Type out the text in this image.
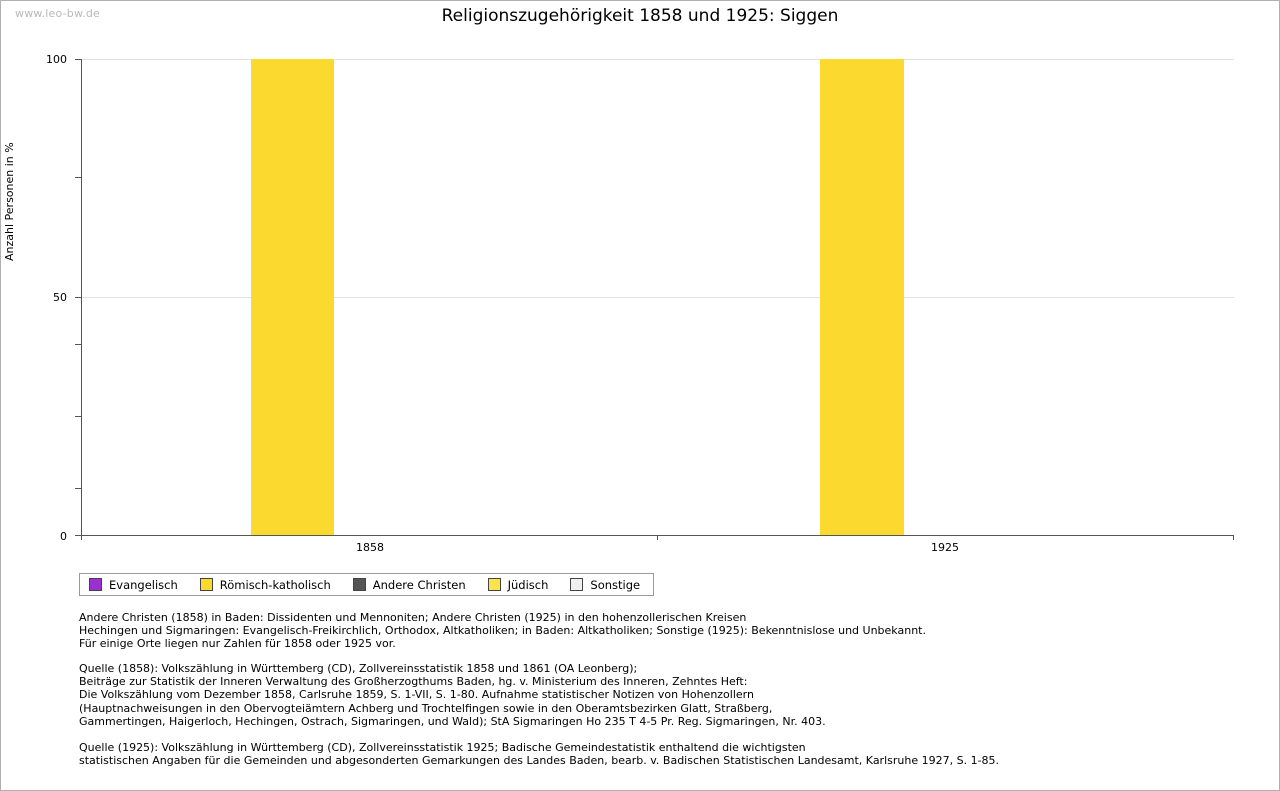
www.leo-bw.de	Religionszugehörigkeit 1858 und 1925: Siggen
Anzahl Personen in %
100
50
0
1858	1925
Evangelisch	Römisch-katholisch	Andere Christen	Jüdisch	Sonstige
Andere Christen (1858) in Baden: Dissidenten und Mennoniten; Andere Christen (1925) in den hohenzollerischen Kreisen
Hechingen und Sigmaringen: Evangelisch-Freikirchlich, Orthodox, Altkatholiken; in Baden: Altkatholiken; Sonstige (1925): Bekenntnislose und Unbekannt.
Für einige Orte liegen nur Zahlen für 1858 oder 1925 vor.
Quelle (1858): Volkszählung in Württemberg (CD), Zollvereinsstatistik 1858 und 1861 (OA Leonberg);
Beiträge zur Statistik der Inneren Verwaltung des Großherzogthums Baden, hg. v. Ministerium des Inneren, Zehntes Heft:
Die Volkszählung vom Dezember 1858, Carlsruhe 1859, S. 1-VII, S. 1-80. Aufnahme statistischer Notizen von Hohenzollern
(Hauptnachweisungen in den Obervogteiämtern Achberg und Trochtelfingen sowie in den Oberamtsbezirken Glatt, Straßberg,
Gammertingen, Haigerloch, Hechingen, Ostrach, Sigmaringen, und Wald); StA Sigmaringen Ho 235 T 4-5 Pr. Reg. Sigmaringen, Nr. 403.
Quelle (1925): Volkszählung in Württemberg (CD), Zollvereinsstatistik 1925; Badische Gemeindestatistik enthaltend die wichtigsten
statistischen Angaben für die Gemeinden und abgesonderten Gemarkungen des Landes Baden, bearb. v. Badischen Statistischen Landesamt, Karlsruhe 1927, S. 1-85.
